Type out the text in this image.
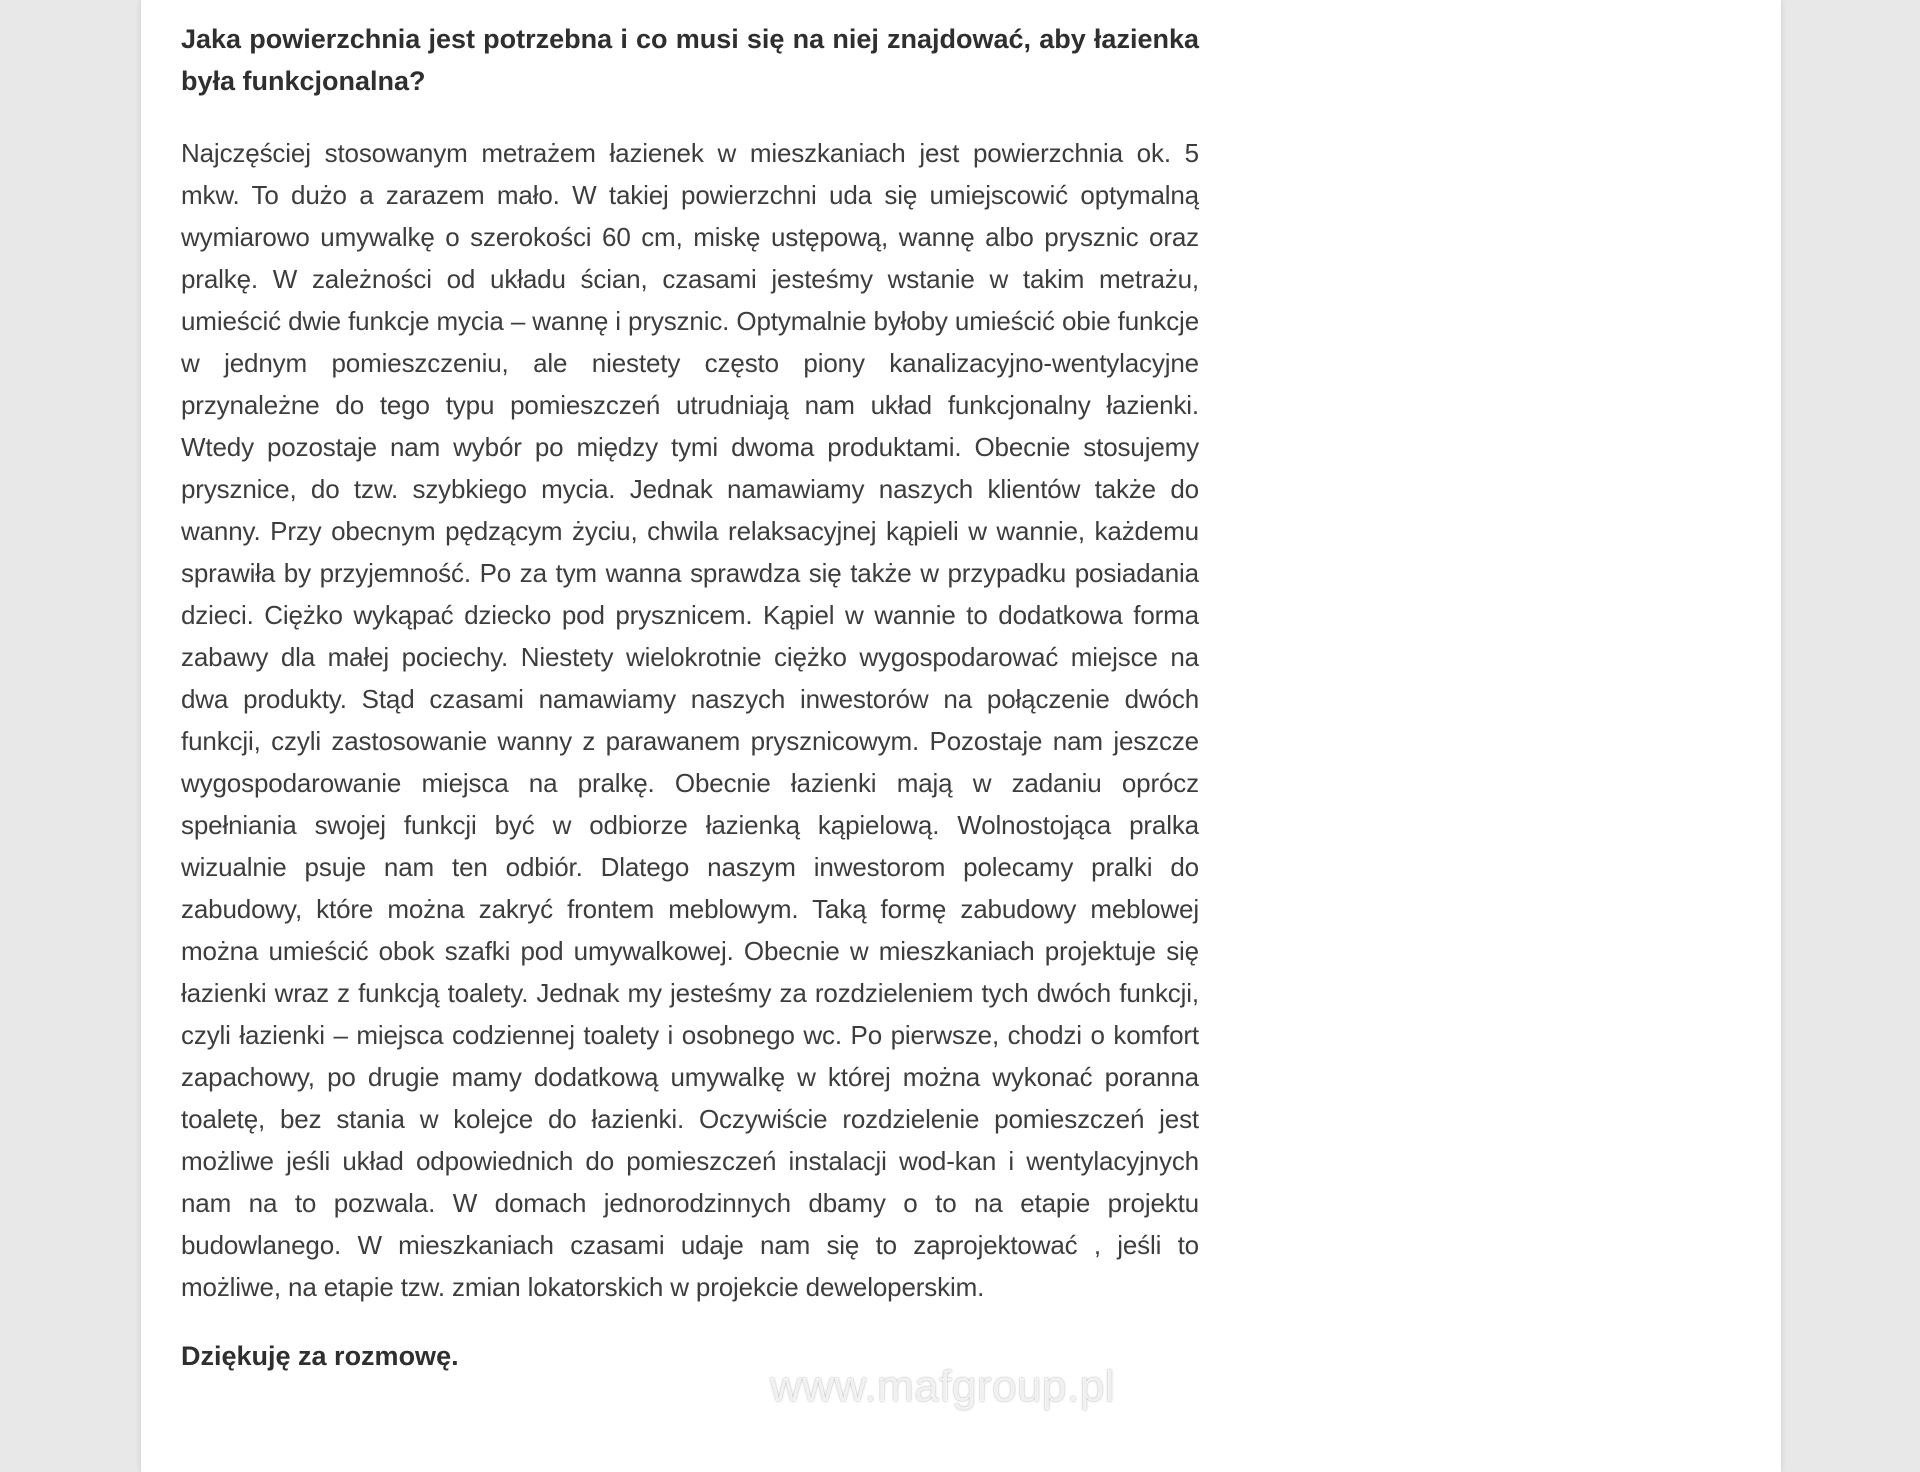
Jaka powierzchnia jest potrzebna i co musi się na niej znajdować, aby łazienka była funkcjonalna?

Najczęściej stosowanym metrażem łazienek w mieszkaniach jest powierzchnia ok. 5 mkw. To dużo a zarazem mało. W takiej powierzchni uda się umiejscowić optymalną wymiarowo umywalkę o szerokości 60 cm, miskę ustępową, wannę albo prysznic oraz pralkę. W zależności od układu ścian, czasami jesteśmy wstanie w takim metrażu, umieścić dwie funkcje mycia – wannę i prysznic. Optymalnie byłoby umieścić obie funkcje w jednym pomieszczeniu, ale niestety często piony kanalizacyjno-wentylacyjne przynależne do tego typu pomieszczeń utrudniają nam układ funkcjonalny łazienki. Wtedy pozostaje nam wybór po między tymi dwoma produktami. Obecnie stosujemy prysznice, do tzw. szybkiego mycia. Jednak namawiamy naszych klientów także do wanny. Przy obecnym pędzącym życiu, chwila relaksacyjnej kąpieli w wannie, każdemu sprawiła by przyjemność. Po za tym wanna sprawdza się także w przypadku posiadania dzieci. Ciężko wykąpać dziecko pod prysznicem. Kąpiel w wannie to dodatkowa forma zabawy dla małej pociechy. Niestety wielokrotnie ciężko wygospodarować miejsce na dwa produkty. Stąd czasami namawiamy naszych inwestorów na połączenie dwóch funkcji, czyli zastosowanie wanny z parawanem prysznicowym. Pozostaje nam jeszcze wygospodarowanie miejsca na pralkę. Obecnie łazienki mają w zadaniu oprócz spełniania swojej funkcji być w odbiorze łazienką kąpielową. Wolnostojąca pralka wizualnie psuje nam ten odbiór. Dlatego naszym inwestorom polecamy pralki do zabudowy, które można zakryć frontem meblowym. Taką formę zabudowy meblowej można umieścić obok szafki pod umywalkowej. Obecnie w mieszkaniach projektuje się łazienki wraz z funkcją toalety. Jednak my jesteśmy za rozdzieleniem tych dwóch funkcji, czyli łazienki – miejsca codziennej toalety i osobnego wc. Po pierwsze, chodzi o komfort zapachowy, po drugie mamy dodatkową umywalkę w której można wykonać poranna toaletę, bez stania w kolejce do łazienki. Oczywiście rozdzielenie pomieszczeń jest możliwe jeśli układ odpowiednich do pomieszczeń instalacji wod-kan i wentylacyjnych nam na to pozwala. W domach jednorodzinnych dbamy o to na etapie projektu budowlanego. W mieszkaniach czasami udaje nam się to zaprojektować , jeśli to możliwe, na etapie tzw. zmian lokatorskich w projekcie deweloperskim.

Dziękuję za rozmowę.

www.mafgroup.pl
